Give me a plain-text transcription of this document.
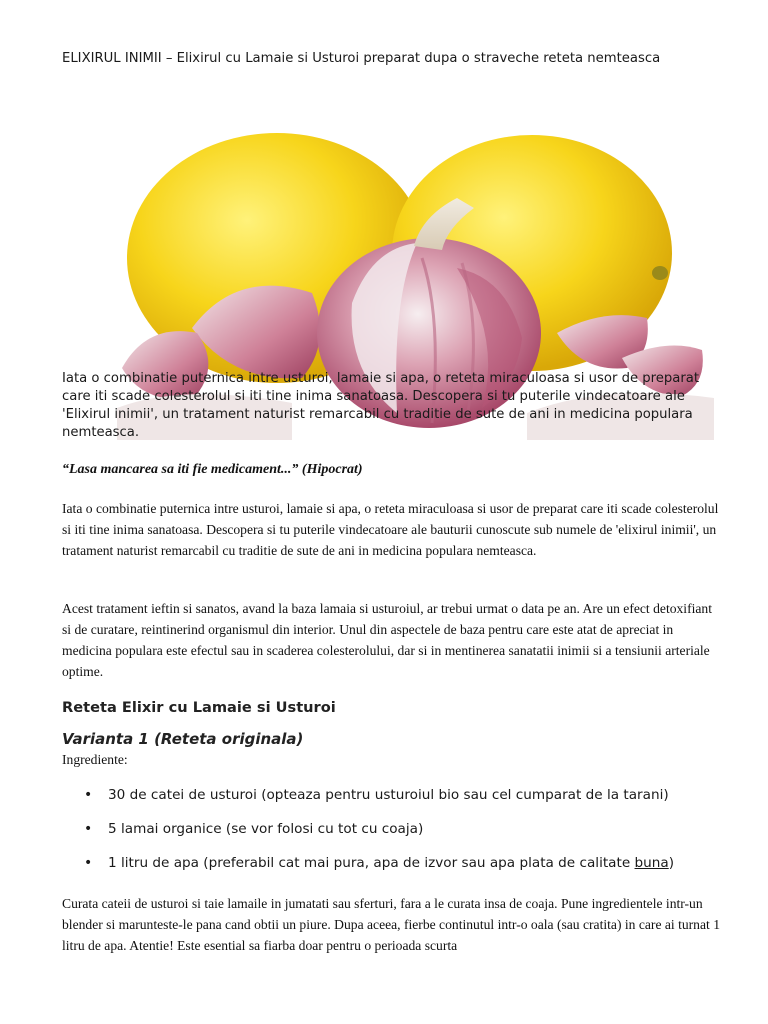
ELIXIRUL INIMII – Elixirul cu Lamaie si Usturoi preparat dupa o straveche reteta nemteasca
Iata o combinatie puternica intre usturoi, lamaie si apa, o reteta miraculoasa si usor de preparat care iti scade colesterolul si iti tine inima sanatoasa. Descopera si tu puterile vindecatoare ale 'Elixirul inimii', un tratament naturist remarcabil cu traditie de sute de ani in medicina populara nemteasca.
“Lasa mancarea sa iti fie medicament...” (Hipocrat)
Iata o combinatie puternica intre usturoi, lamaie si apa, o reteta miraculoasa si usor de preparat care iti scade colesterolul si iti tine inima sanatoasa. Descopera si tu puterile vindecatoare ale bauturii cunoscute sub numele de 'elixirul inimii', un tratament naturist remarcabil cu traditie de sute de ani in medicina populara nemteasca.
Acest tratament ieftin si sanatos, avand la baza lamaia si usturoiul, ar trebui urmat o data pe an. Are un efect detoxifiant si de curatare, reintinerind organismul din interior. Unul din aspectele de baza pentru care este atat de apreciat in medicina populara este efectul sau in scaderea colesterolului, dar si in mentinerea sanatatii inimii si a tensiunii arteriale optime.
Reteta Elixir cu Lamaie si Usturoi
Varianta 1 (Reteta originala)
Ingrediente:
• 30 de catei de usturoi (opteaza pentru usturoiul bio sau cel cumparat de la tarani)
• 5 lamai organice (se vor folosi cu tot cu coaja)
• 1 litru de apa (preferabil cat mai pura, apa de izvor sau apa plata de calitate buna)
Curata cateii de usturoi si taie lamaile in jumatati sau sferturi, fara a le curata insa de coaja. Pune ingredientele intr-un blender si marunteste-le pana cand obtii un piure. Dupa aceea, fierbe continutul intr-o oala (sau cratita) in care ai turnat 1 litru de apa. Atentie! Este esential sa fiarba doar pentru o perioada scurta
